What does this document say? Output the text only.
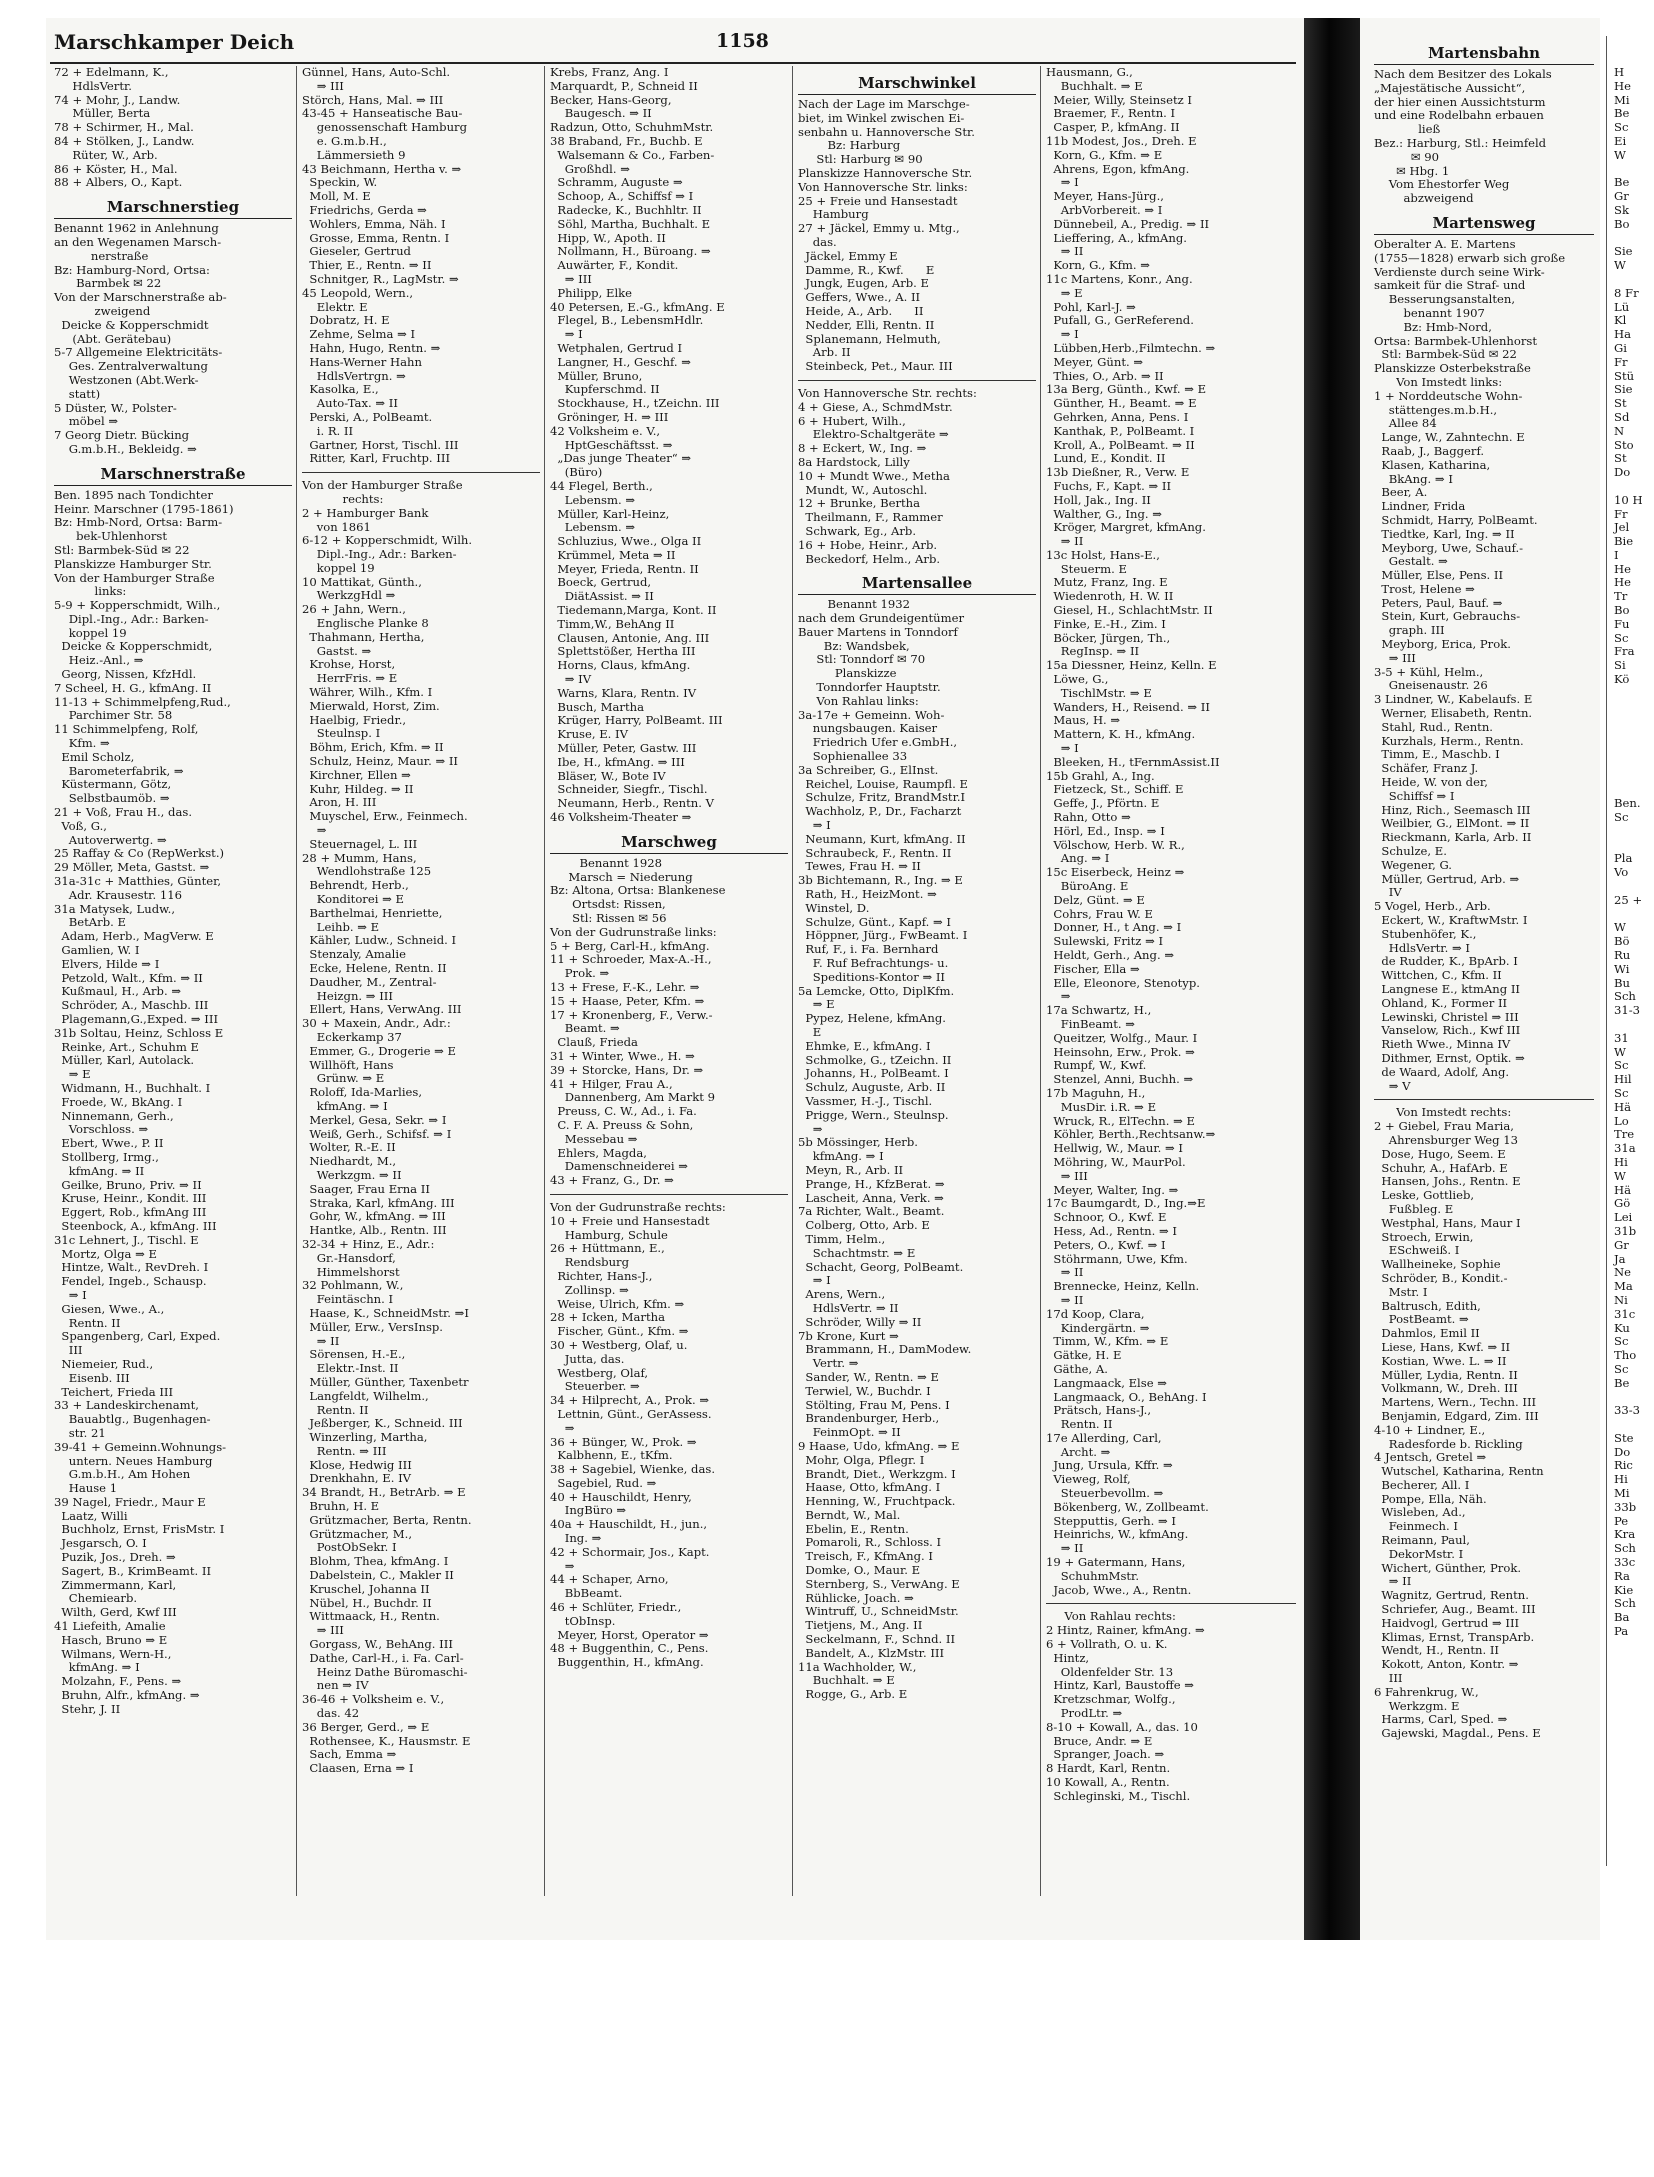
Marschkamper Deich	1158
72 + Edelmann, K.,
HdlsVertr.
74 + Mohr, J., Landw.
Müller, Berta
78 + Schirmer, H., Mal.
84 + Stölken, J., Landw.
Rüter, W., Arb.
86 + Köster, H., Mal.
88 + Albers, O., Kapt.
Marschnerstieg
Benannt 1962 in Anlehnung
an den Wegenamen Marsch-
nerstraße
Bz: Hamburg-Nord, Ortsa:
Barmbek ✉ 22
Von der Marschnerstraße ab-
zweigend
Deicke & Kopperschmidt
(Abt. Gerätebau)
5-7 Allgemeine Elektricitäts-
Ges. Zentralverwaltung
Westzonen (Abt.Werk-
statt)
5 Düster, W., Polster-
möbel ⇒
7 Georg Dietr. Bücking
G.m.b.H., Bekleidg. ⇒
Marschnerstraße
Ben. 1895 nach Tondichter
Heinr. Marschner (1795-1861)
Bz: Hmb-Nord, Ortsa: Barm-
bek-Uhlenhorst
Stl: Barmbek-Süd ✉ 22
Planskizze Hamburger Str.
Von der Hamburger Straße
links:
5-9 + Kopperschmidt, Wilh.,
Dipl.-Ing., Adr.: Barken-
koppel 19
Deicke & Kopperschmidt,
Heiz.-Anl., ⇒
Georg, Nissen, KfzHdl.
7 Scheel, H. G., kfmAng. II
11-13 + Schimmelpfeng,Rud.,
Parchimer Str. 58
11 Schimmelpfeng, Rolf,
Kfm. ⇒
Emil Scholz,
Barometerfabrik, ⇒
Küstermann, Götz,
Selbstbaumöb. ⇒
21 + Voß, Frau H., das.
Voß, G.,
Autoverwertg. ⇒
25 Raffay & Co (RepWerkst.)
29 Möller, Meta, Gastst. ⇒
31a-31c + Matthies, Günter,
Adr. Krausestr. 116
31a Matysek, Ludw.,
BetArb. E
Adam, Herb., MagVerw. E
Gamlien, W. I
Elvers, Hilde ⇒ I
Petzold, Walt., Kfm. ⇒ II
Kußmaul, H., Arb. ⇒
Schröder, A., Maschb. III
Plagemann,G.,Exped. ⇒ III
31b Soltau, Heinz, Schloss E
Reinke, Art., Schuhm E
Müller, Karl, Autolack.
⇒ E
Widmann, H., Buchhalt. I
Froede, W., BkAng. I
Ninnemann, Gerh.,
Vorschloss. ⇒
Ebert, Wwe., P. II
Stollberg, Irmg.,
kfmAng. ⇒ II
Geilke, Bruno, Priv. ⇒ II
Kruse, Heinr., Kondit. III
Eggert, Rob., kfmAng III
Steenbock, A., kfmAng. III
31c Lehnert, J., Tischl. E
Mortz, Olga ⇒ E
Hintze, Walt., RevDreh. I
Fendel, Ingeb., Schausp.
⇒ I
Giesen, Wwe., A.,
Rentn. II
Spangenberg, Carl, Exped.
III
Niemeier, Rud.,
Eisenb. III
Teichert, Frieda III
33 + Landeskirchenamt,
Bauabtlg., Bugenhagen-
str. 21
39-41 + Gemeinn.Wohnungs-
untern. Neues Hamburg
G.m.b.H., Am Hohen
Hause 1
39 Nagel, Friedr., Maur E
Laatz, Willi
Buchholz, Ernst, FrisMstr. I
Jesgarsch, O. I
Puzik, Jos., Dreh. ⇒
Sagert, B., KrimBeamt. II
Zimmermann, Karl,
Chemiearb.
Wilth, Gerd, Kwf III
41 Liefeith, Amalie
Hasch, Bruno ⇒ E
Wilmans, Wern-H.,
kfmAng. ⇒ I
Molzahn, F., Pens. ⇒
Bruhn, Alfr., kfmAng. ⇒
Stehr, J. II
Günnel, Hans, Auto-Schl.
⇒ III
Störch, Hans, Mal. ⇒ III
43-45 + Hanseatische Bau-
genossenschaft Hamburg
e. G.m.b.H.,
Lämmersieth 9
43 Beichmann, Hertha v. ⇒
Speckin, W.
Moll, M. E
Friedrichs, Gerda ⇒
Wohlers, Emma, Näh. I
Grosse, Emma, Rentn. I
Gieseler, Gertrud
Thier, E., Rentn. ⇒ II
Schnitger, R., LagMstr. ⇒
45 Leopold, Wern.,
Elektr. E
Dobratz, H. E
Zehme, Selma ⇒ I
Hahn, Hugo, Rentn. ⇒
Hans-Werner Hahn
HdlsVertrgn. ⇒
Kasolka, E.,
Auto-Tax. ⇒ II
Perski, A., PolBeamt.
i. R. II
Gartner, Horst, Tischl. III
Ritter, Karl, Fruchtp. III
Von der Hamburger Straße
rechts:
2 + Hamburger Bank
von 1861
6-12 + Kopperschmidt, Wilh.
Dipl.-Ing., Adr.: Barken-
koppel 19
10 Mattikat, Günth.,
WerkzgHdl ⇒
26 + Jahn, Wern.,
Englische Planke 8
Thahmann, Hertha,
Gastst. ⇒
Krohse, Horst,
HerrFris. ⇒ E
Währer, Wilh., Kfm. I
Mierwald, Horst, Zim.
Haelbig, Friedr.,
Steulnsp. I
Böhm, Erich, Kfm. ⇒ II
Schulz, Heinz, Maur. ⇒ II
Kirchner, Ellen ⇒
Kuhr, Hildeg. ⇒ II
Aron, H. III
Muyschel, Erw., Feinmech.
⇒
Steuernagel, L. III
28 + Mumm, Hans,
Wendlohstraße 125
Behrendt, Herb.,
Konditorei ⇒ E
Barthelmai, Henriette,
Leihb. ⇒ E
Kähler, Ludw., Schneid. I
Stenzaly, Amalie
Ecke, Helene, Rentn. II
Daudher, M., Zentral-
Heizgn. ⇒ III
Ellert, Hans, VerwAng. III
30 + Maxein, Andr., Adr.:
Eckerkamp 37
Emmer, G., Drogerie ⇒ E
Willhöft, Hans
Grünw. ⇒ E
Roloff, Ida-Marlies,
kfmAng. ⇒ I
Merkel, Gesa, Sekr. ⇒ I
Weiß, Gerh., Schifsf. ⇒ I
Wolter, R.-E. II
Niedhardt, M.,
Werkzgm. ⇒ II
Saager, Frau Erna II
Straka, Karl, kfmAng. III
Gohr, W., kfmAng. ⇒ III
Hantke, Alb., Rentn. III
32-34 + Hinz, E., Adr.:
Gr.-Hansdorf,
Himmelshorst
32 Pohlmann, W.,
Feintäschn. I
Haase, K., SchneidMstr. ⇒I
Müller, Erw., VersInsp.
⇒ II
Sörensen, H.-E.,
Elektr.-Inst. II
Müller, Günther, Taxenbetr
Langfeldt, Wilhelm.,
Rentn. II
Jeßberger, K., Schneid. III
Winzerling, Martha,
Rentn. ⇒ III
Klose, Hedwig III
Drenkhahn, E. IV
34 Brandt, H., BetrArb. ⇒ E
Bruhn, H. E
Grützmacher, Berta, Rentn.
Grützmacher, M.,
PostObSekr. I
Blohm, Thea, kfmAng. I
Dabelstein, C., Makler II
Kruschel, Johanna II
Nübel, H., Buchdr. II
Wittmaack, H., Rentn.
⇒ III
Gorgass, W., BehAng. III
Dathe, Carl-H., i. Fa. Carl-
Heinz Dathe Büromaschi-
nen ⇒ IV
36-46 + Volksheim e. V.,
das. 42
36 Berger, Gerd., ⇒ E
Rothensee, K., Hausmstr. E
Sach, Emma ⇒
Claasen, Erna ⇒ I
Krebs, Franz, Ang. I
Marquardt, P., Schneid II
Becker, Hans-Georg,
Baugesch. ⇒ II
Radzun, Otto, SchuhmMstr.
38 Braband, Fr., Buchb. E
Walsemann & Co., Farben-
Großhdl. ⇒
Schramm, Auguste ⇒
Schoop, A., Schiffsf ⇒ I
Radecke, K., Buchhltr. II
Söhl, Martha, Buchhalt. E
Hipp, W., Apoth. II
Nollmann, H., Büroang. ⇒
Auwärter, F., Kondit.
⇒ III
Philipp, Elke
40 Petersen, E.-G., kfmAng. E
Flegel, B., LebensmHdlr.
⇒ I
Wetphalen, Gertrud I
Langner, H., Geschf. ⇒
Müller, Bruno,
Kupferschmd. II
Stockhause, H., tZeichn. III
Gröninger, H. ⇒ III
42 Volksheim e. V.,
HptGeschäftsst. ⇒
„Das junge Theater“ ⇒
(Büro)
44 Flegel, Berth.,
Lebensm. ⇒
Müller, Karl-Heinz,
Lebensm. ⇒
Schluzius, Wwe., Olga II
Krümmel, Meta ⇒ II
Meyer, Frieda, Rentn. II
Boeck, Gertrud,
DiätAssist. ⇒ II
Tiedemann,Marga, Kont. II
Timm,W., BehAng II
Clausen, Antonie, Ang. III
Splettstößer, Hertha III
Horns, Claus, kfmAng.
⇒ IV
Warns, Klara, Rentn. IV
Busch, Martha
Krüger, Harry, PolBeamt. III
Kruse, E. IV
Müller, Peter, Gastw. III
Ibe, H., kfmAng. ⇒ III
Bläser, W., Bote IV
Schneider, Siegfr., Tischl.
Neumann, Herb., Rentn. V
46 Volksheim-Theater ⇒
Marschweg
Benannt 1928
Marsch = Niederung
Bz: Altona, Ortsa: Blankenese
Ortsdst: Rissen,
Stl: Rissen ✉ 56
Von der Gudrunstraße links:
5 + Berg, Carl-H., kfmAng.
11 + Schroeder, Max-A.-H.,
Prok. ⇒
13 + Frese, F.-K., Lehr. ⇒
15 + Haase, Peter, Kfm. ⇒
17 + Kronenberg, F., Verw.-
Beamt. ⇒
Clauß, Frieda
31 + Winter, Wwe., H. ⇒
39 + Storcke, Hans, Dr. ⇒
41 + Hilger, Frau A.,
Dannenberg, Am Markt 9
Preuss, C. W., Ad., i. Fa.
C. F. A. Preuss & Sohn,
Messebau ⇒
Ehlers, Magda,
Damenschneiderei ⇒
43 + Franz, G., Dr. ⇒
Von der Gudrunstraße rechts:
10 + Freie und Hansestadt
Hamburg, Schule
26 + Hüttmann, E.,
Rendsburg
Richter, Hans-J.,
Zollinsp. ⇒
Weise, Ulrich, Kfm. ⇒
28 + Icken, Martha
Fischer, Günt., Kfm. ⇒
30 + Westberg, Olaf, u.
Jutta, das.
Westberg, Olaf,
Steuerber. ⇒
34 + Hilprecht, A., Prok. ⇒
Lettnin, Günt., GerAssess.
⇒
36 + Bünger, W., Prok. ⇒
Kalbhenn, E., tKfm.
38 + Sagebiel, Wienke, das.
Sagebiel, Rud. ⇒
40 + Hauschildt, Henry,
IngBüro ⇒
40a + Hauschildt, H., jun.,
Ing. ⇒
42 + Schormair, Jos., Kapt.
⇒
44 + Schaper, Arno,
BbBeamt.
46 + Schlüter, Friedr.,
tObInsp.
Meyer, Horst, Operator ⇒
48 + Buggenthin, C., Pens.
Buggenthin, H., kfmAng.
Marschwinkel
Nach der Lage im Marschge-
biet, im Winkel zwischen Ei-
senbahn u. Hannoversche Str.
Bz: Harburg
Stl: Harburg ✉ 90
Planskizze Hannoversche Str.
Von Hannoversche Str. links:
25 + Freie und Hansestadt
Hamburg
27 + Jäckel, Emmy u. Mtg.,
das.
Jäckel, Emmy E
Damme, R., Kwf.      E
Jungk, Eugen, Arb. E
Geffers, Wwe., A. II
Heide, A., Arb.      II
Nedder, Elli, Rentn. II
Splanemann, Helmuth,
Arb. II
Steinbeck, Pet., Maur. III
Von Hannoversche Str. rechts:
4 + Giese, A., SchmdMstr.
6 + Hubert, Wilh.,
Elektro-Schaltgeräte ⇒
8 + Eckert, W., Ing. ⇒
8a Hardstock, Lilly
10 + Mundt Wwe., Metha
Mundt, W., Autoschl.
12 + Brunke, Bertha
Theilmann, F., Rammer
Schwark, Eg., Arb.
16 + Hobe, Heinr., Arb.
Beckedorf, Helm., Arb.
Martensallee
Benannt 1932
nach dem Grundeigentümer
Bauer Martens in Tonndorf
Bz: Wandsbek,
Stl: Tonndorf ✉ 70
Planskizze
Tonndorfer Hauptstr.
Von Rahlau links:
3a-17e + Gemeinn. Woh-
nungsbaugen. Kaiser
Friedrich Ufer e.GmbH.,
Sophienallee 33
3a Schreiber, G., ElInst.
Reichel, Louise, Raumpfl. E
Schulze, Fritz, BrandMstr.I
Wachholz, P., Dr., Facharzt
⇒ I
Neumann, Kurt, kfmAng. II
Schraubeck, F., Rentn. II
Tewes, Frau H. ⇒ II
3b Bichtemann, R., Ing. ⇒ E
Rath, H., HeizMont. ⇒
Winstel, D.
Schulze, Günt., Kapf. ⇒ I
Höppner, Jürg., FwBeamt. I
Ruf, F., i. Fa. Bernhard
F. Ruf Befrachtungs- u.
Speditions-Kontor ⇒ II
5a Lemcke, Otto, DiplKfm.
⇒ E
Pypez, Helene, kfmAng.
E
Ehmke, E., kfmAng. I
Schmolke, G., tZeichn. II
Johanns, H., PolBeamt. I
Schulz, Auguste, Arb. II
Vassmer, H.-J., Tischl.
Prigge, Wern., Steulnsp.
⇒
5b Mössinger, Herb.
kfmAng. ⇒ I
Meyn, R., Arb. II
Prange, H., KfzBerat. ⇒
Lascheit, Anna, Verk. ⇒
7a Richter, Walt., Beamt.
Colberg, Otto, Arb. E
Timm, Helm.,
Schachtmstr. ⇒ E
Schacht, Georg, PolBeamt.
⇒ I
Arens, Wern.,
HdlsVertr. ⇒ II
Schröder, Willy ⇒ II
7b Krone, Kurt ⇒
Brammann, H., DamModew.
Vertr. ⇒
Sander, W., Rentn. ⇒ E
Terwiel, W., Buchdr. I
Stölting, Frau M, Pens. I
Brandenburger, Herb.,
FeinmOpt. ⇒ II
9 Haase, Udo, kfmAng. ⇒ E
Mohr, Olga, Pflegr. I
Brandt, Diet., Werkzgm. I
Haase, Otto, kfmAng. I
Henning, W., Fruchtpack.
Berndt, W., Mal.
Ebelin, E., Rentn.
Pomaroli, R., Schloss. I
Treisch, F., KfmAng. I
Domke, O., Maur. E
Sternberg, S., VerwAng. E
Rühlicke, Joach. ⇒
Wintruff, U., SchneidMstr.
Tietjens, M., Ang. II
Seckelmann, F., Schnd. II
Bandelt, A., KlzMstr. III
11a Wachholder, W.,
Buchhalt. ⇒ E
Rogge, G., Arb. E
Hausmann, G.,
Buchhalt. ⇒ E
Meier, Willy, Steinsetz I
Braemer, F., Rentn. I
Casper, P., kfmAng. II
11b Modest, Jos., Dreh. E
Korn, G., Kfm. ⇒ E
Ahrens, Egon, kfmAng.
⇒ I
Meyer, Hans-Jürg.,
ArbVorbereit. ⇒ I
Dünnebeil, A., Predig. ⇒ II
Lieffering, A., kfmAng.
⇒ II
Korn, G., Kfm. ⇒
11c Martens, Konr., Ang.
⇒ E
Pohl, Karl-J. ⇒
Pufall, G., GerReferend.
⇒ I
Lübben,Herb.,Filmtechn. ⇒
Meyer, Günt. ⇒
Thies, O., Arb. ⇒ II
13a Berg, Günth., Kwf. ⇒ E
Günther, H., Beamt. ⇒ E
Gehrken, Anna, Pens. I
Kanthak, P., PolBeamt. I
Kroll, A., PolBeamt. ⇒ II
Lund, E., Kondit. II
13b Dießner, R., Verw. E
Fuchs, F., Kapt. ⇒ II
Holl, Jak., Ing. II
Walther, G., Ing. ⇒
Kröger, Margret, kfmAng.
⇒ II
13c Holst, Hans-E.,
Steuerm. E
Mutz, Franz, Ing. E
Wiedenroth, H. W. II
Giesel, H., SchlachtMstr. II
Finke, E.-H., Zim. I
Böcker, Jürgen, Th.,
RegInsp. ⇒ II
15a Diessner, Heinz, Kelln. E
Löwe, G.,
TischlMstr. ⇒ E
Wanders, H., Reisend. ⇒ II
Maus, H. ⇒
Mattern, K. H., kfmAng.
⇒ I
Bleeken, H., tFernmAssist.II
15b Grahl, A., Ing.
Fietzeck, St., Schiff. E
Geffe, J., Pförtn. E
Rahn, Otto ⇒
Hörl, Ed., Insp. ⇒ I
Völschow, Herb. W. R.,
Ang. ⇒ I
15c Eiserbeck, Heinz ⇒
BüroAng. E
Delz, Günt. ⇒ E
Cohrs, Frau W. E
Donner, H., t Ang. ⇒ I
Sulewski, Fritz ⇒ I
Heldt, Gerh., Ang. ⇒
Fischer, Ella ⇒
Elle, Eleonore, Stenotyp.
⇒
17a Schwartz, H.,
FinBeamt. ⇒
Queitzer, Wolfg., Maur. I
Heinsohn, Erw., Prok. ⇒
Rumpf, W., Kwf.
Stenzel, Anni, Buchh. ⇒
17b Maguhn, H.,
MusDir. i.R. ⇒ E
Wruck, R., ElTechn. ⇒ E
Köhler, Berth.,Rechtsanw.⇒
Hellwig, W., Maur. ⇒ I
Möhring, W., MaurPol.
⇒ III
Meyer, Walter, Ing. ⇒
17c Baumgardt, D., Ing.⇒E
Schnoor, O., Kwf. E
Hess, Ad., Rentn. ⇒ I
Peters, O., Kwf. ⇒ I
Stöhrmann, Uwe, Kfm.
⇒ II
Brennecke, Heinz, Kelln.
⇒ II
17d Koop, Clara,
Kindergärtn. ⇒
Timm, W., Kfm. ⇒ E
Gätke, H. E
Gäthe, A.
Langmaack, Else ⇒
Langmaack, O., BehAng. I
Prätsch, Hans-J.,
Rentn. II
17e Allerding, Carl,
Archt. ⇒
Jung, Ursula, Kffr. ⇒
Vieweg, Rolf,
Steuerbevollm. ⇒
Bökenberg, W., Zollbeamt.
Stepputtis, Gerh. ⇒ I
Heinrichs, W., kfmAng.
⇒ II
19 + Gatermann, Hans,
SchuhmMstr.
Jacob, Wwe., A., Rentn.
Von Rahlau rechts:
2 Hintz, Rainer, kfmAng. ⇒
6 + Vollrath, O. u. K.
Hintz,
Oldenfelder Str. 13
Hintz, Karl, Baustoffe ⇒
Kretzschmar, Wolfg.,
ProdLtr. ⇒
8-10 + Kowall, A., das. 10
Bruce, Andr. ⇒ E
Spranger, Joach. ⇒
8 Hardt, Karl, Rentn.
10 Kowall, A., Rentn.
Schleginski, M., Tischl.
Martensbahn
Nach dem Besitzer des Lokals
„Majestätische Aussicht“,
der hier einen Aussichtsturm
und eine Rodelbahn erbauen
ließ
Bez.: Harburg, Stl.: Heimfeld
✉ 90
✉ Hbg. 1
Vom Ehestorfer Weg
abzweigend
Martensweg
Oberalter A. E. Martens
(1755—1828) erwarb sich große
Verdienste durch seine Wirk-
samkeit für die Straf- und
Besserungsanstalten,
benannt 1907
Bz: Hmb-Nord,
Ortsa: Barmbek-Uhlenhorst
Stl: Barmbek-Süd ✉ 22
Planskizze Osterbekstraße
Von Imstedt links:
1 + Norddeutsche Wohn-
stättenges.m.b.H.,
Allee 84
Lange, W., Zahntechn. E
Raab, J., Baggerf.
Klasen, Katharina,
BkAng. ⇒ I
Beer, A.
Lindner, Frida
Schmidt, Harry, PolBeamt.
Tiedtke, Karl, Ing. ⇒ II
Meyborg, Uwe, Schauf.-
Gestalt. ⇒
Müller, Else, Pens. II
Trost, Helene ⇒
Peters, Paul, Bauf. ⇒
Stein, Kurt, Gebrauchs-
graph. III
Meyborg, Erica, Prok.
⇒ III
3-5 + Kühl, Helm.,
Gneisenaustr. 26
3 Lindner, W., Kabelaufs. E
Werner, Elisabeth, Rentn.
Stahl, Rud., Rentn.
Kurzhals, Herm., Rentn.
Timm, E., Maschb. I
Schäfer, Franz J.
Heide, W. von der,
Schiffsf ⇒ I
Hinz, Rich., Seemasch III
Weilbier, G., ElMont. ⇒ II
Rieckmann, Karla, Arb. II
Schulze, E.
Wegener, G.
Müller, Gertrud, Arb. ⇒
IV
5 Vogel, Herb., Arb.
Eckert, W., KraftwMstr. I
Stubenhöfer, K.,
HdlsVertr. ⇒ I
de Rudder, K., BpArb. I
Wittchen, C., Kfm. II
Langnese E., ktmAng II
Ohland, K., Former II
Lewinski, Christel ⇒ III
Vanselow, Rich., Kwf III
Rieth Wwe., Minna IV
Dithmer, Ernst, Optik. ⇒
de Waard, Adolf, Ang.
⇒ V
Von Imstedt rechts:
2 + Giebel, Frau Maria,
Ahrensburger Weg 13
Dose, Hugo, Seem. E
Schuhr, A., HafArb. E
Hansen, Johs., Rentn. E
Leske, Gottlieb,
Fußbleg. E
Westphal, Hans, Maur I
Stroech, Erwin,
ESchweiß. I
Wallheineke, Sophie
Schröder, B., Kondit.-
Mstr. I
Baltrusch, Edith,
PostBeamt. ⇒
Dahmlos, Emil II
Liese, Hans, Kwf. ⇒ II
Kostian, Wwe. L. ⇒ II
Müller, Lydia, Rentn. II
Volkmann, W., Dreh. III
Martens, Wern., Techn. III
Benjamin, Edgard, Zim. III
4-10 + Lindner, E.,
Radesforde b. Rickling
4 Jentsch, Gretel ⇒
Wutschel, Katharina, Rentn
Becherer, All. I
Pompe, Ella, Näh.
Wisleben, Ad.,
Feinmech. I
Reimann, Paul,
DekorMstr. I
Wichert, Günther, Prok.
⇒ II
Wagnitz, Gertrud, Rentn.
Schriefer, Aug., Beamt. III
Haidvogl, Gertrud ⇒ III
Klimas, Ernst, TranspArb.
Wendt, H., Rentn. II
Kokott, Anton, Kontr. ⇒
III
6 Fahrenkrug, W.,
Werkzgm. E
Harms, Carl, Sped. ⇒
Gajewski, Magdal., Pens. E
H
He
Mi
Be
Sc
Ei
W

Be
Gr
Sk
Bo

Sie
W

8 Fr
Lü
Kl
Ha
Gi
Fr
Stü
Sie
St
Sd
N
Sto
St
Do

10 H
Fr
Jel
Bie
I
He
He
Tr
Bo
Fu
Sc
Fra
Si
Kö

Ben.
Sc

Pla
Vo

25 +

W
Bö
Ru
Wi
Bu
Sch
31-3

31
W
Sc
Hil
Sc
Hä
Lo
Tre
31a
Hi
W
Hä
Gö
Lei
31b
Gr
Ja
Ne
Ma
Ni
31c
Ku
Sc
Tho
Sc
Be

33-3

Ste
Do
Ric
Hi
Mi
33b
Pe
Kra
Sch
33c
Ra
Kie
Sch
Ba
Pa
